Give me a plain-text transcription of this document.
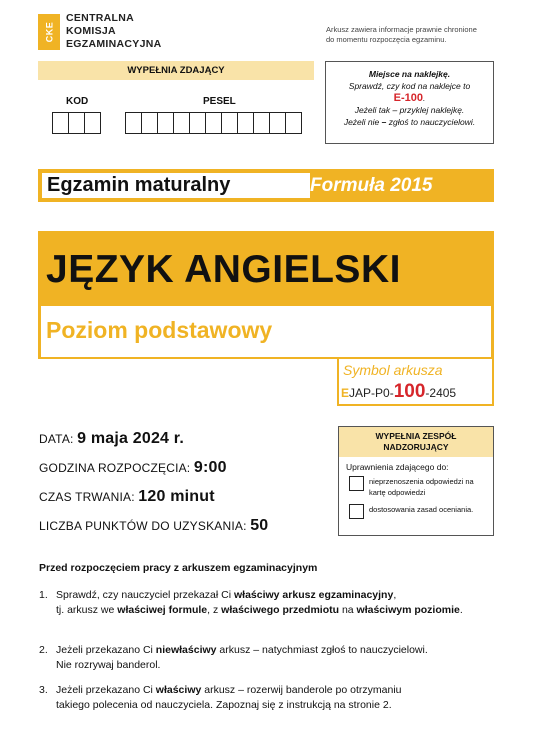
CKE
CENTRALNA
KOMISJA
EGZAMINACYJNA
Arkusz zawiera informacje prawnie chronione
do momentu rozpoczęcia egzaminu.
WYPEŁNIA ZDAJĄCY
KOD	PESEL
Miejsce na naklejkę.
Sprawdź, czy kod na naklejce to
E-100.
Jeżeli tak – przyklej naklejkę.
Jeżeli nie – zgłoś to nauczycielowi.
Egzamin maturalny	Formuła 2015
JĘZYK ANGIELSKI
Poziom podstawowy
Symbol arkusza
EJAP-P0-100-2405
DATA: 9 maja 2024 r.
GODZINA ROZPOCZĘCIA: 9:00
CZAS TRWANIA: 120 minut
LICZBA PUNKTÓW DO UZYSKANIA: 50
WYPEŁNIA ZESPÓŁ
NADZORUJĄCY
Uprawnienia zdającego do:
nieprzenoszenia odpowiedzi na kartę odpowiedzi
dostosowania zasad oceniania.
Przed rozpoczęciem pracy z arkuszem egzaminacyjnym
1. Sprawdź, czy nauczyciel przekazał Ci właściwy arkusz egzaminacyjny,
tj. arkusz we właściwej formule, z właściwego przedmiotu na właściwym poziomie.
2. Jeżeli przekazano Ci niewłaściwy arkusz – natychmiast zgłoś to nauczycielowi.
Nie rozrywaj banderol.
3. Jeżeli przekazano Ci właściwy arkusz – rozerwij banderole po otrzymaniu
takiego polecenia od nauczyciela. Zapoznaj się z instrukcją na stronie 2.
